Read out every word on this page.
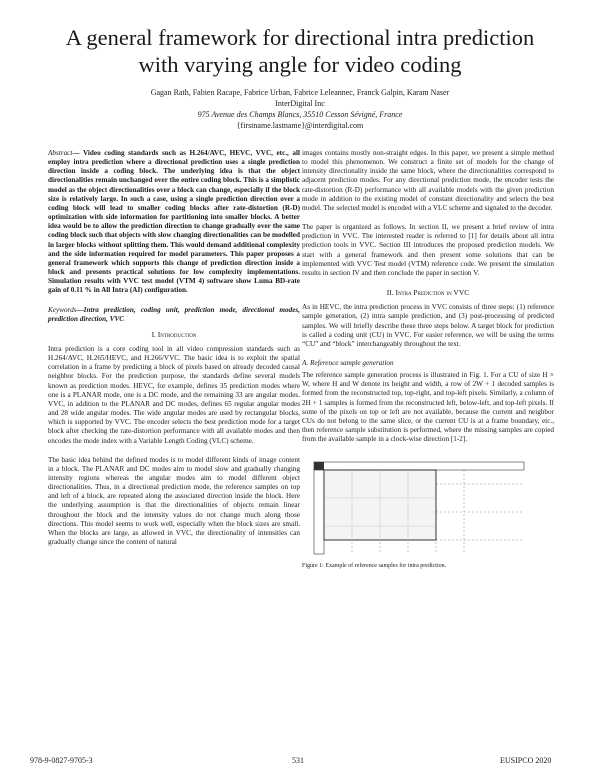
A general framework for directional intra prediction
with varying angle for video coding
Gagan Rath, Fabien Racape, Fabrice Urban, Fabrice Leleannec, Franck Galpin, Karam Naser
InterDigital Inc
975 Avenue des Champs Blancs, 35510 Cesson Sévigné, France
{firstname.lastname}@interdigital.com

Abstract— Video coding standards such as H.264/AVC, HEVC, VVC, etc., all employ intra prediction where a directional prediction uses a single prediction direction inside a coding block. The underlying idea is that the object directionalities remain unchanged over the entire coding block. This is a simplistic model as the object directionalities over a block can change, especially if the block size is relatively large. In such a case, using a single prediction direction over a coding block will lead to smaller coding blocks after rate-distortion (R-D) optimization with side information for partitioning into smaller blocks. A better idea would be to allow the prediction direction to change gradually over the same coding block such that objects with slow changing directionalities can be modelled in larger blocks without splitting them. This would demand additional complexity and the side information required for model parameters. This paper proposes a general framework which supports this change of prediction direction inside a block and presents practical solutions for low complexity implementations. Simulation results with VVC test model (VTM 4) software show Luma BD-rate gain of 0.11 % in All Intra (AI) configuration.

Keywords—Intra prediction, coding unit, prediction mode, directional modes, prediction direction, VVC

I. Introduction

Intra prediction is a core coding tool in all video compression standards such as H.264/AVC, H.265/HEVC, and H.266/VVC. The basic idea is to exploit the spatial correlation in a frame by predicting a block of pixels based on already decoded causal neighbor blocks. For the prediction purpose, the standards define several models known as prediction modes. HEVC, for example, defines 35 prediction modes where one is a PLANAR mode, one is a DC mode, and the remaining 33 are angular modes. VVC, in addition to the PLANAR and DC modes, defines 65 regular angular modes and 28 wide angular modes. The wide angular modes are used by rectangular blocks, which is supported by VVC. The encoder selects the best prediction mode for a target block after checking the rate-distortion performance with all available modes and then encodes the mode index with a Variable Length Coding (VLC) scheme.

The basic idea behind the defined modes is to model different kinds of image content in a block. The PLANAR and DC modes aim to model slow and gradually changing intensity regions whereas the angular modes aim to model different object directionalities. Thus, in a directional prediction mode, the reference samples on top and left of a block, are repeated along the associated direction inside the block. Here the underlying assumption is that the directionalities of objects remain linear throughout the block and the intensity values do not change much along those directions. This model seems to work well, especially when the block sizes are small. When the blocks are large, as allowed in VVC, the directionality of intensities can gradually change since the content of natural

images contains mostly non-straight edges. In this paper, we present a simple method to model this phenomenon. We construct a finite set of models for the change of intensity directionality inside the same block, where the directionalities correspond to adjacent prediction modes. For any directional prediction mode, the encoder tests the rate-distortion (R-D) performance with all available models with the given prediction mode in addition to the existing model of constant directionality and selects the best model. The selected model is encoded with a VLC scheme and signaled to the decoder.

The paper is organized as follows. In section II, we present a brief review of intra prediction in VVC. The interested reader is referred to [1] for details about all intra prediction tools in VVC. Section III introduces the proposed prediction models. We start with a general framework and then present some solutions that can be implemented with VVC Test model (VTM) reference code. We present the simulation results in section IV and then conclude the paper in section V.

II. Intra Prediction in VVC

As in HEVC, the intra prediction process in VVC consists of three steps: (1) reference sample generation, (2) intra sample prediction, and (3) post-processing of predicted samples. We will briefly describe these three steps below. A target block for prediction is called a coding unit (CU) in VVC. For easier reference, we will be using the terms “CU” and “block” interchangeably throughout the text.

A. Reference sample generation

The reference sample generation process is illustrated in Fig. 1. For a CU of size H × W, where H and W denote its height and width, a row of 2W + 1 decoded samples is formed from the reconstructed top, top-right, and top-left pixels. Similarly, a column of 2H + 1 samples is formed from the reconstructed left, below-left, and top-left pixels. If some of the pixels on top or left are not available, because the current and neighbor CUs do not belong to the same slice, or the current CU is at a frame boundary, etc., then reference sample substitution is performed, where the missing samples are copied from the available sample in a clock-wise direction [1-2].

Figure 1: Example of reference samples for intra prediction.
978-9-0827-9705-3	531	EUSIPCO 2020
